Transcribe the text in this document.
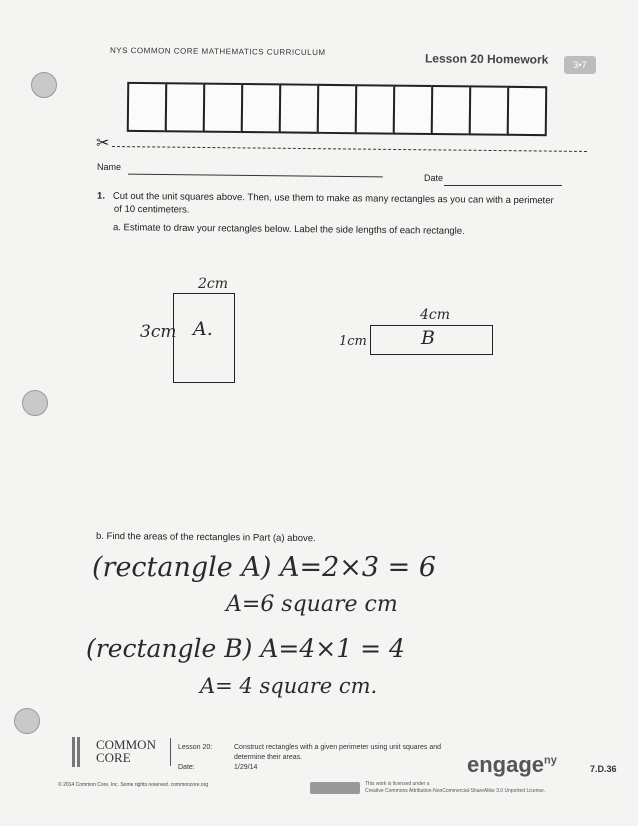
NYS COMMON CORE MATHEMATICS CURRICULUM	Lesson 20 Homework	3•7
✂
Name
Date
1. Cut out the unit squares above. Then, use them to make as many rectangles as you can with a perimeter
of 10 centimeters.
a. Estimate to draw your rectangles below. Label the side lengths of each rectangle.
2cm
3cm A.
4cm
1cm	B
b. Find the areas of the rectangles in Part (a) above.
(rectangle A) A=2×3 = 6
A=6 square cm
(rectangle B) A=4×1 = 4
A= 4 square cm.
COMMON
CORE
Lesson 20:
Date:
Construct rectangles with a given perimeter using unit squares and
determine their areas.
1/29/14	engage$^{ny}$
7.D.36
© 2014 Common Core, Inc. Some rights reserved. commoncore.org	This work is licensed under a
Creative Commons Attribution-NonCommercial-ShareAlike 3.0 Unported License.
